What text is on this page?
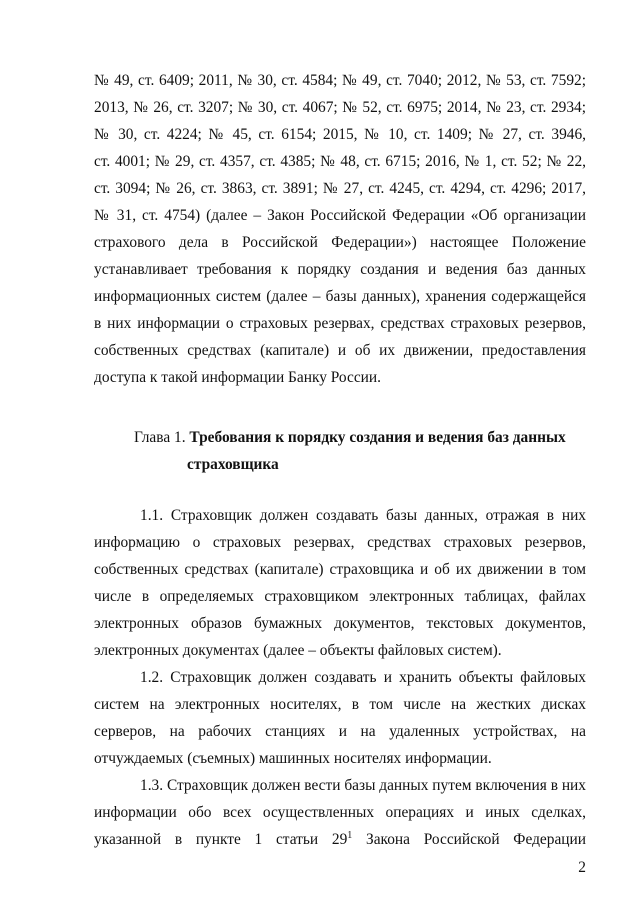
№ 49, ст. 6409; 2011, № 30, ст. 4584; № 49, ст. 7040; 2012, № 53, ст. 7592;
2013, № 26, ст. 3207; № 30, ст. 4067; № 52, ст. 6975; 2014, № 23, ст. 2934;
№ 30, ст. 4224; № 45, ст. 6154; 2015, № 10, ст. 1409; № 27, ст. 3946,
ст. 4001; № 29, ст. 4357, ст. 4385; № 48, ст. 6715; 2016, № 1, ст. 52; № 22,
ст. 3094; № 26, ст. 3863, ст. 3891; № 27, ст. 4245, ст. 4294, ст. 4296; 2017,
№ 31, ст. 4754) (далее – Закон Российской Федерации «Об организации
страхового дела в Российской Федерации») настоящее Положение
устанавливает требования к порядку создания и ведения баз данных
информационных систем (далее – базы данных), хранения содержащейся
в них информации о страховых резервах, средствах страховых резервов,
собственных средствах (капитале) и об их движении, предоставления
доступа к такой информации Банку России.
Глава 1. Требования к порядку создания и ведения баз данных
страховщика
1.1. Страховщик должен создавать базы данных, отражая в них
информацию о страховых резервах, средствах страховых резервов,
собственных средствах (капитале) страховщика и об их движении в том
числе в определяемых страховщиком электронных таблицах, файлах
электронных образов бумажных документов, текстовых документов,
электронных документах (далее – объекты файловых систем).
1.2. Страховщик должен создавать и хранить объекты файловых
систем на электронных носителях, в том числе на жестких дисках
серверов, на рабочих станциях и на удаленных устройствах, на
отчуждаемых (съемных) машинных носителях информации.
1.3. Страховщик должен вести базы данных путем включения в них
информации обо всех осуществленных операциях и иных сделках,
указанной в пункте 1 статьи $29^1$ Закона Российской Федерации
2
